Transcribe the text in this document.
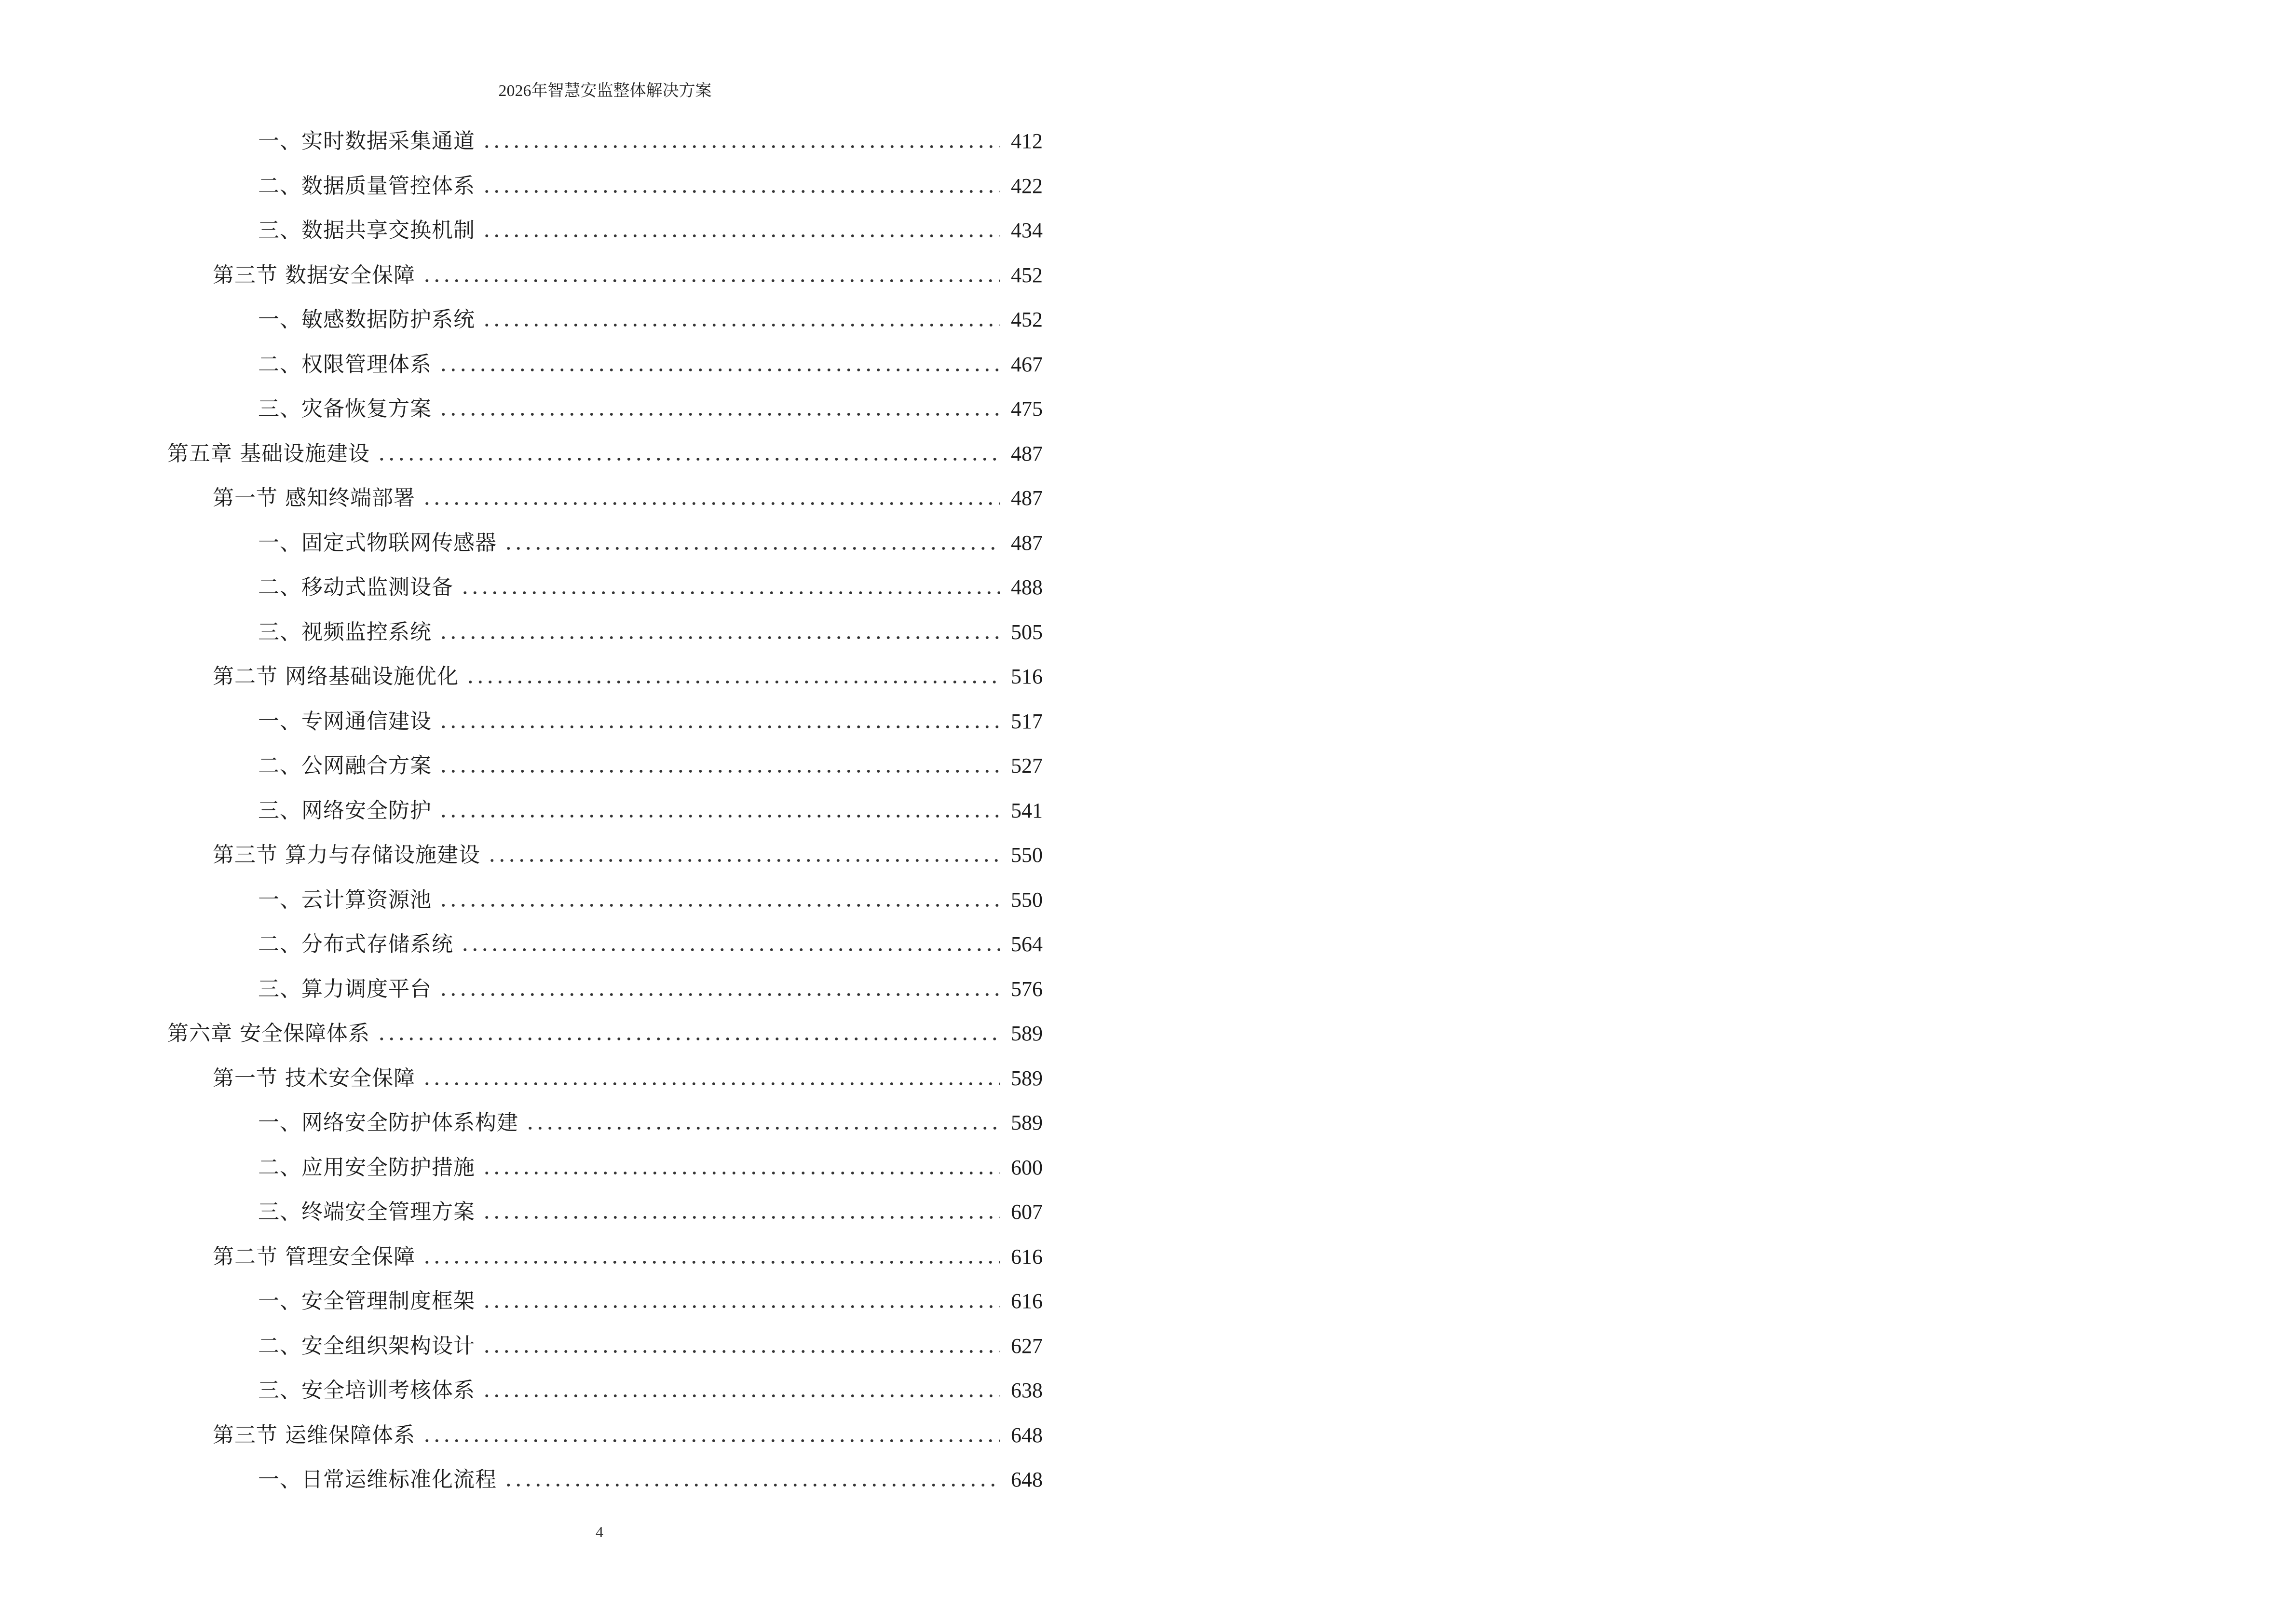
2026年智慧安监整体解决方案
一、实时数据采集通道	412
二、数据质量管控体系	422
三、数据共享交换机制	434
第三节 数据安全保障	452
一、敏感数据防护系统	452
二、权限管理体系	467
三、灾备恢复方案	475
第五章 基础设施建设	487
第一节 感知终端部署	487
一、固定式物联网传感器	487
二、移动式监测设备	488
三、视频监控系统	505
第二节 网络基础设施优化	516
一、专网通信建设	517
二、公网融合方案	527
三、网络安全防护	541
第三节 算力与存储设施建设	550
一、云计算资源池	550
二、分布式存储系统	564
三、算力调度平台	576
第六章 安全保障体系	589
第一节 技术安全保障	589
一、网络安全防护体系构建	589
二、应用安全防护措施	600
三、终端安全管理方案	607
第二节 管理安全保障	616
一、安全管理制度框架	616
二、安全组织架构设计	627
三、安全培训考核体系	638
第三节 运维保障体系	648
一、日常运维标准化流程	648
4
